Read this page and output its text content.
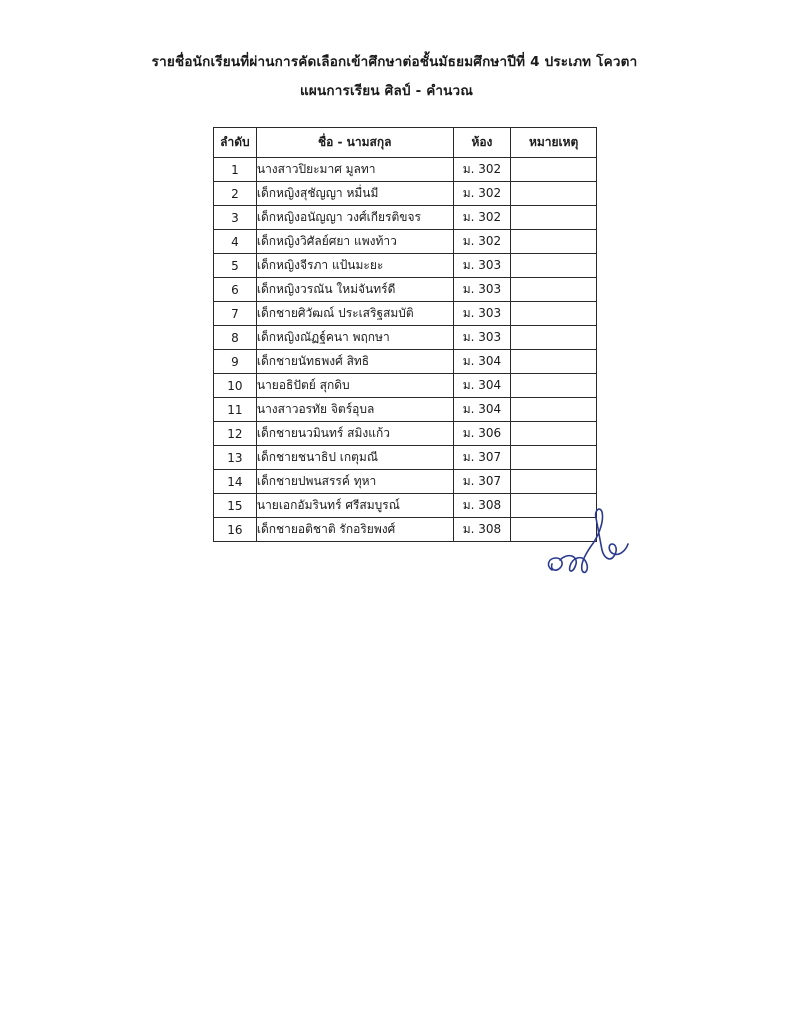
รายชื่อนักเรียนที่ผ่านการคัดเลือกเข้าศึกษาต่อชั้นมัธยมศึกษาปีที่ 4 ประเภท โควตา
แผนการเรียน ศิลป์ - คำนวณ
ลำดับ	ชื่อ - นามสกุล	ห้อง	หมายเหตุ
1	นางสาวปิยะมาศ มูลทา	ม. 302	
2	เด็กหญิงสุชัญญา หมื่นมี	ม. 302	
3	เด็กหญิงอนัญญา วงศ์เกียรติขจร	ม. 302	
4	เด็กหญิงวิศัลย์ศยา แพงท้าว	ม. 302	
5	เด็กหญิงจีรภา แป้นมะยะ	ม. 303	
6	เด็กหญิงวรณัน ใหม่จันทร์ดี	ม. 303	
7	เด็กชายศิวัฒณ์ ประเสริฐสมบัติ	ม. 303	
8	เด็กหญิงณัฏฐ์คนา พฤกษา	ม. 303	
9	เด็กชายนัทธพงศ์ สิทธิ	ม. 304	
10	นายอธิปัตย์ สุกดิบ	ม. 304	
11	นางสาวอรทัย จิตร์อุบล	ม. 304	
12	เด็กชายนวมินทร์ สมิงแก้ว	ม. 306	
13	เด็กชายชนาธิป เกตุมณี	ม. 307	
14	เด็กชายปพนสรรค์ ทุหา	ม. 307	
15	นายเอกอัมรินทร์ ศรีสมบูรณ์	ม. 308	
16	เด็กชายอติชาติ รักอริยพงศ์	ม. 308	
